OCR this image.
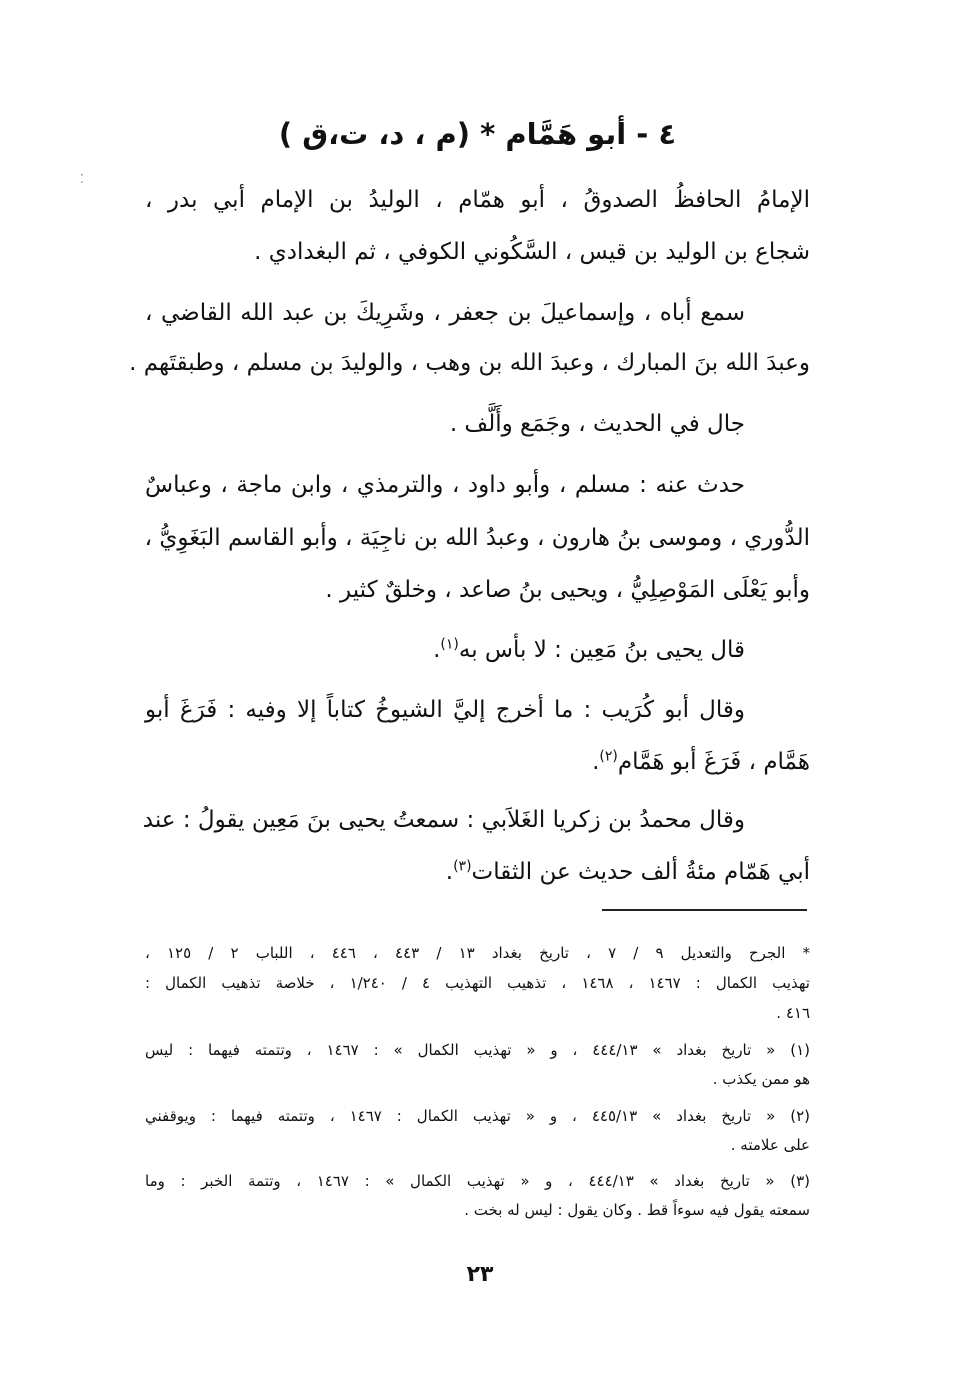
⁚
٤ - أبو هَمَّام * (م ، د، ت،ق )
الإمامُ الحافظُ الصدوقُ ، أبو همّام ، الوليدُ بن الإمام أبي بدر ،
شجاع بن الوليد بن قيس ، السَّكُوني الكوفي ، ثم البغدادي .
سمع أباه ، وإسماعيلَ بن جعفر ، وشَرِيكَ بن عبد الله القاضي ،
وعبدَ الله بنَ المبارك ، وعبدَ الله بن وهب ، والوليدَ بن مسلم ، وطبقتَهم .
جال في الحديث ، وجَمَع وأَلَّف .
حدث عنه : مسلم ، وأبو داود ، والترمذي ، وابن ماجة ، وعباسٌ
الدُّوري ، وموسى بنُ هارون ، وعبدُ الله بن ناجِيَة ، وأبو القاسم البَغَوِيُّ ،
وأبو يَعْلَى المَوْصِلِيُّ ، ويحيى بنُ صاعد ، وخلقٌ كثير .
قال يحيى بنُ مَعِين : لا بأس به$^{(١)}$.
وقال أبو كُرَيب : ما أخرج إليَّ الشيوخُ كتاباً إلا وفيه : فَرَغَ أبو
هَمَّام ، فَرَغَ أبو هَمَّام$^{(٢)}$.
وقال محمدُ بن زكريا الغَلاَبي : سمعتُ يحيى بنَ مَعِين يقولُ : عند
أبي هَمّام مئةُ ألف حديث عن الثقات$^{(٣)}$.
* الجرح والتعديل ٩ / ٧ ، تاريخ بغداد ١٣ / ٤٤٣ ، ٤٤٦ ، اللباب ٢ / ١٢٥ ،
تهذيب الكمال : ١٤٦٧ ، ١٤٦٨ ، تذهيب التهذيب ٤ / ١/٢٤٠ ، خلاصة تذهيب الكمال :
٤١٦ .
(١) « تاريخ بغداد » ٤٤٤/١٣ ، و « تهذيب الكمال » : ١٤٦٧ ، وتتمته فيهما : ليس
هو ممن يكذب .
(٢) « تاريخ بغداد » ٤٤٥/١٣ ، و « تهذيب الكمال : ١٤٦٧ ، وتتمته فيهما : ويوقفني
على علامته .
(٣) « تاريخ بغداد » ٤٤٤/١٣ ، و « تهذيب الكمال » : ١٤٦٧ ، وتتمة الخبر : وما
سمعته يقول فيه سوءاً قط . وكان يقول : ليس له بخت .
٢٣
